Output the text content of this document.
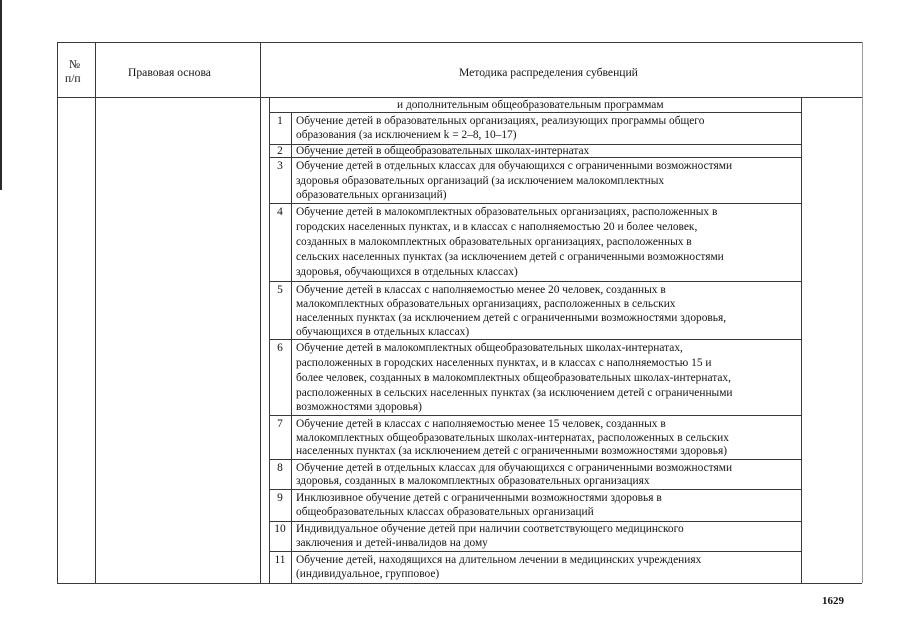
№
п/п	Правовая основа	Методика распределения субвенций
и дополнительным общеобразовательным программам
1	Обучение детей в образовательных организациях, реализующих программы общего
образования (за исключением k = 2–8, 10–17)
2	Обучение детей в общеобразовательных школах-интернатах
3	Обучение детей в отдельных классах для обучающихся с ограниченными возможностями
здоровья образовательных организаций (за исключением малокомплектных
образовательных организаций)
4	Обучение детей в малокомплектных образовательных организациях, расположенных в
городских населенных пунктах, и в классах с наполняемостью 20 и более человек,
созданных в малокомплектных образовательных организациях, расположенных в
сельских населенных пунктах (за исключением детей с ограниченными возможностями
здоровья, обучающихся в отдельных классах)
5	Обучение детей в классах с наполняемостью менее 20 человек, созданных в
малокомплектных образовательных организациях, расположенных в сельских
населенных пунктах (за исключением детей с ограниченными возможностями здоровья,
обучающихся в отдельных классах)
6	Обучение детей в малокомплектных общеобразовательных школах-интернатах,
расположенных в городских населенных пунктах, и в классах с наполняемостью 15 и
более человек, созданных в малокомплектных общеобразовательных школах-интернатах,
расположенных в сельских населенных пунктах (за исключением детей с ограниченными
возможностями здоровья)
7	Обучение детей в классах с наполняемостью менее 15 человек, созданных в
малокомплектных общеобразовательных школах-интернатах, расположенных в сельских
населенных пунктах (за исключением детей с ограниченными возможностями здоровья)
8	Обучение детей в отдельных классах для обучающихся с ограниченными возможностями
здоровья, созданных в малокомплектных образовательных организациях
9	Инклюзивное обучение детей с ограниченными возможностями здоровья в
общеобразовательных классах образовательных организаций
10 Индивидуальное обучение детей при наличии соответствующего медицинского
заключения и детей-инвалидов на дому
11 Обучение детей, находящихся на длительном лечении в медицинских учреждениях
(индивидуальное, групповое)
1629
